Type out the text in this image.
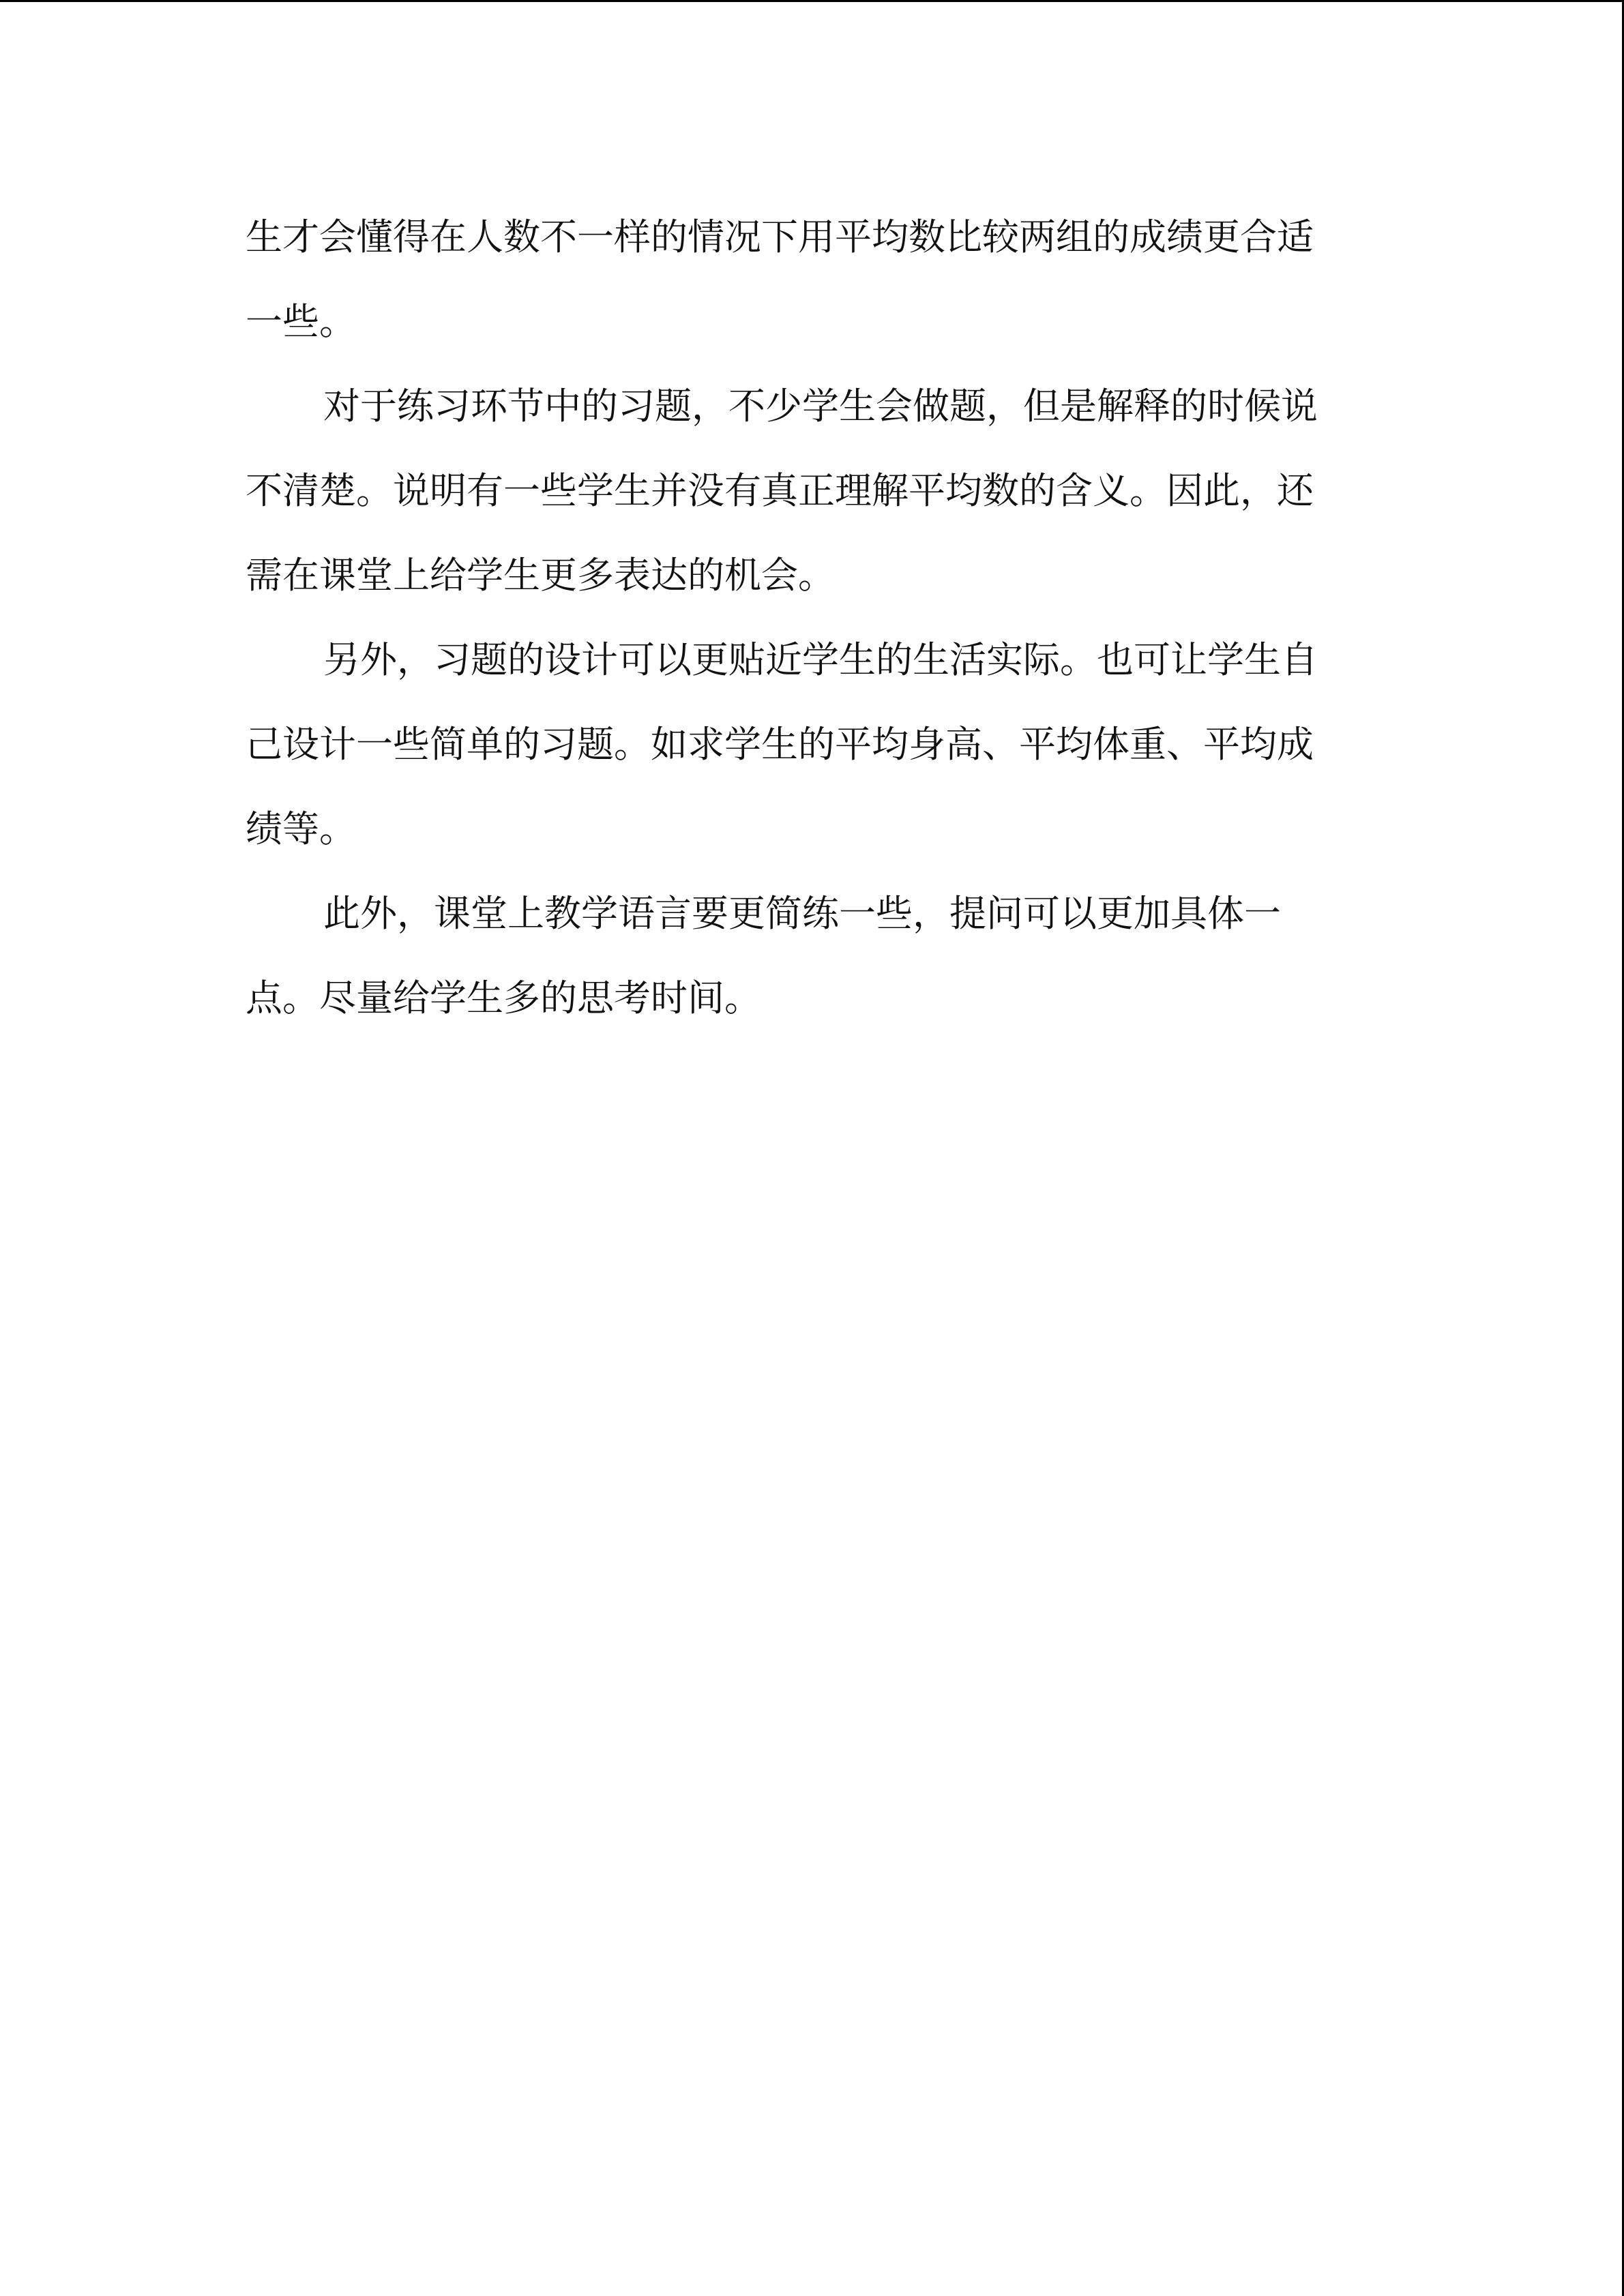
生才会懂得在人数不一样的情况下用平均数比较两组的成绩更合适
一些。
对于练习环节中的习题，不少学生会做题，但是解释的时候说
不清楚。说明有一些学生并没有真正理解平均数的含义。因此，还
需在课堂上给学生更多表达的机会。
另外，习题的设计可以更贴近学生的生活实际。也可让学生自
己设计一些简单的习题。如求学生的平均身高、平均体重、平均成
绩等。
此外，课堂上教学语言要更简练一些，提问可以更加具体一
点。尽量给学生多的思考时间。
